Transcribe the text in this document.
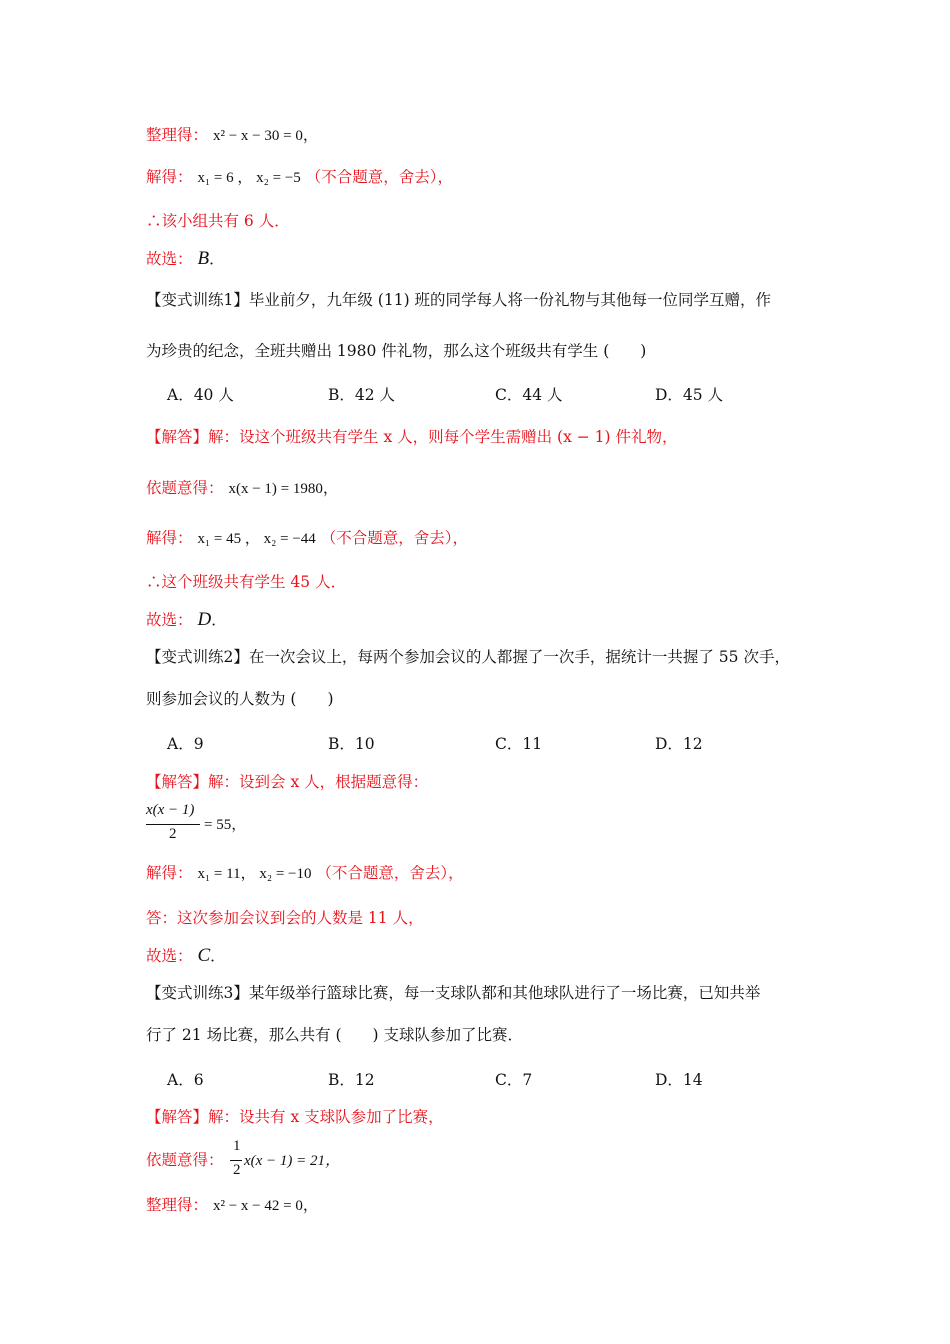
整理得： x² − x − 30 = 0，
解得： x₁ = 6 ， x₂ = −5 （不合题意，舍去），
∴该小组共有 6 人．
故选： B．
【变式训练1】毕业前夕，九年级 (11) 班的同学每人将一份礼物与其他每一位同学互赠，作
为珍贵的纪念，全班共赠出 1980 件礼物，那么这个班级共有学生 (　　)
A．40 人	B．42 人	C．44 人	D．45 人
【解答】解：设这个班级共有学生 x 人，则每个学生需赠出 (x − 1) 件礼物，
依题意得： x(x − 1) = 1980，
解得： x₁ = 45 ， x₂ = −44 （不合题意，舍去），
∴这个班级共有学生 45 人．
故选： D．
【变式训练2】在一次会议上，每两个参加会议的人都握了一次手，据统计一共握了 55 次手，
则参加会议的人数为 (　　)
A．9	B．10	C．11	D．12
【解答】解：设到会 x 人，根据题意得：
x(x − 1)
2
= 55，
解得： x₁ = 11， x₂ = −10 （不合题意，舍去），
答：这次参加会议到会的人数是 11 人，
故选： C．
【变式训练3】某年级举行篮球比赛，每一支球队都和其他球队进行了一场比赛，已知共举
行了 21 场比赛，那么共有 (　　) 支球队参加了比赛．
A．6	B．12	C．7	D．14
【解答】解：设共有 x 支球队参加了比赛，
依题意得：
1
2
x(x − 1) = 21，
整理得： x² − x − 42 = 0，
